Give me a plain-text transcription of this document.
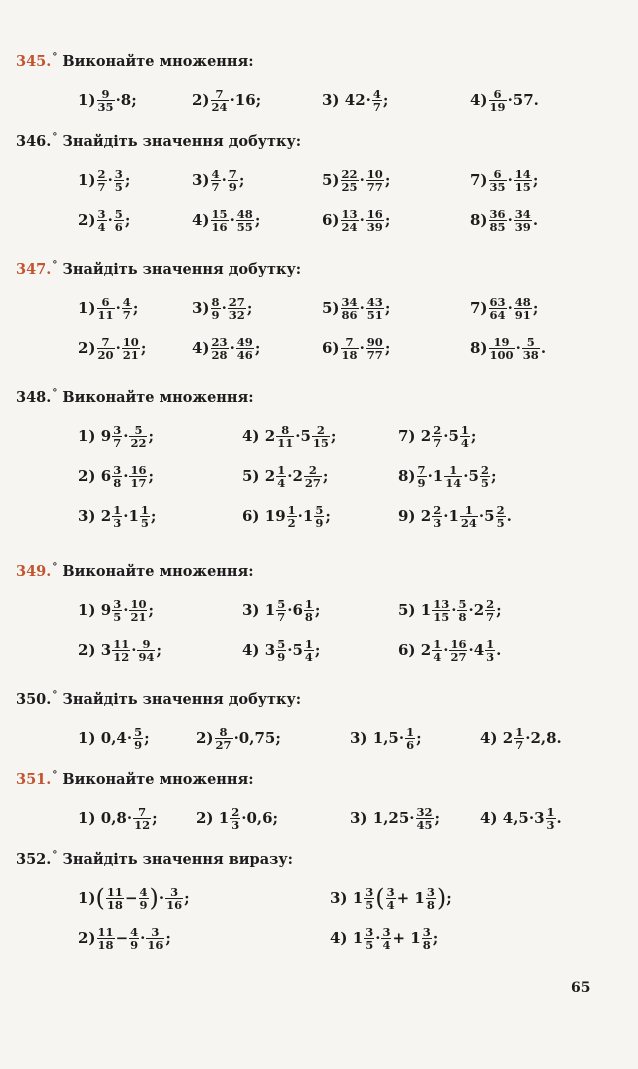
345.° Виконайте множення:
$1) \frac{9}{35} \cdot 8$;	$2) \frac{7}{24} \cdot 16$;	3) $42\cdot \frac{4}{7}$ ;	$4) \frac{6}{19} \cdot 57$.
346.° Знайдіть значення добутку:
$1) \frac{2}{7} \cdot \frac{3}{5}$ ;	$3) \frac{4}{7} \cdot \frac{7}{9}$ ;	$5) \frac{22}{25} \cdot \frac{10}{77}$ ;	$7) \frac{6}{35} \cdot \frac{14}{15}$ ;
$2) \frac{3}{4} \cdot \frac{5}{6}$ ;	$4) \frac{15}{16} \cdot \frac{48}{55}$ ;	$6) \frac{13}{24} \cdot \frac{16}{39}$ ;	$8) \frac{36}{85} \cdot \frac{34}{39}$ .
347.° Знайдіть значення добутку:
$1) \frac{6}{11} \cdot \frac{4}{7}$ ;	$3) \frac{8}{9} \cdot \frac{27}{32}$ ;	$5) \frac{34}{86} \cdot \frac{43}{51}$ ;	$7) \frac{63}{64} \cdot \frac{48}{91}$ ;
$2) \frac{7}{20} \cdot \frac{10}{21}$ ;	$4) \frac{23}{28} \cdot \frac{49}{46}$ ;	$6) \frac{7}{18} \cdot \frac{90}{77}$ ;	$8) \frac{19}{100} \cdot \frac{5}{38}$ .
348.° Виконайте множення:
1) $9 \frac{3}{7} \cdot \frac{5}{22}$ ;	4) $2 \frac{8}{11} \cdot 5 \frac{2}{15}$ ;	7) $2 \frac{2}{7} \cdot 5 \frac{1}{4}$ ;
2) $6 \frac{3}{8} \cdot \frac{16}{17}$ ;	5) $2 \frac{1}{4} \cdot 2 \frac{2}{27}$ ;	$8) \frac{7}{9} \cdot 1 \frac{1}{14} \cdot 5 \frac{2}{5}$ ;
3) $2 \frac{1}{3} \cdot 1 \frac{1}{5}$ ;	6) $19 \frac{1}{2} \cdot 1 \frac{5}{9}$ ;	9) $2 \frac{2}{3} \cdot 1 \frac{1}{24} \cdot 5 \frac{2}{5}$ .
349.° Виконайте множення:
1) $9 \frac{3}{5} \cdot \frac{10}{21}$ ;	3) $1 \frac{5}{7} \cdot 6 \frac{1}{8}$ ;	5) $1 \frac{13}{15} \cdot \frac{5}{8} \cdot 2 \frac{2}{7}$ ;
2) $3 \frac{11}{12} \cdot \frac{9}{94}$ ;	4) $3 \frac{5}{9} \cdot 5 \frac{1}{4}$ ;	6) $2 \frac{1}{4} \cdot \frac{16}{27} \cdot 4 \frac{1}{3}$ .
350.° Знайдіть значення добутку:
1) $0,4\cdot \frac{5}{9}$ ;	$2) \frac{8}{27} \cdot 0,75$;	3) $1,5\cdot \frac{1}{6}$ ;	4) $2 \frac{1}{7} \cdot 2,8$.
351.° Виконайте множення:
1) $0,8\cdot \frac{7}{12}$ ;	2) $1 \frac{2}{3} \cdot 0,6$;	3) $1,25\cdot \frac{32}{45}$ ;	4) $4,5\cdot 3 \frac{1}{3}$ .
352.° Знайдіть значення виразу:
1) ( $\frac{11}{18} - \frac{4}{9}$ ) · $\frac{3}{16}$ ;	3) $1 \frac{3}{5}$ ( $\frac{3}{4} + 1 \frac{3}{8}$ ) ;
$2) \frac{11}{18} - \frac{4}{9} \cdot \frac{3}{16}$ ;	4) $1 \frac{3}{5} \cdot \frac{3}{4} + 1 \frac{3}{8}$ ;
65
